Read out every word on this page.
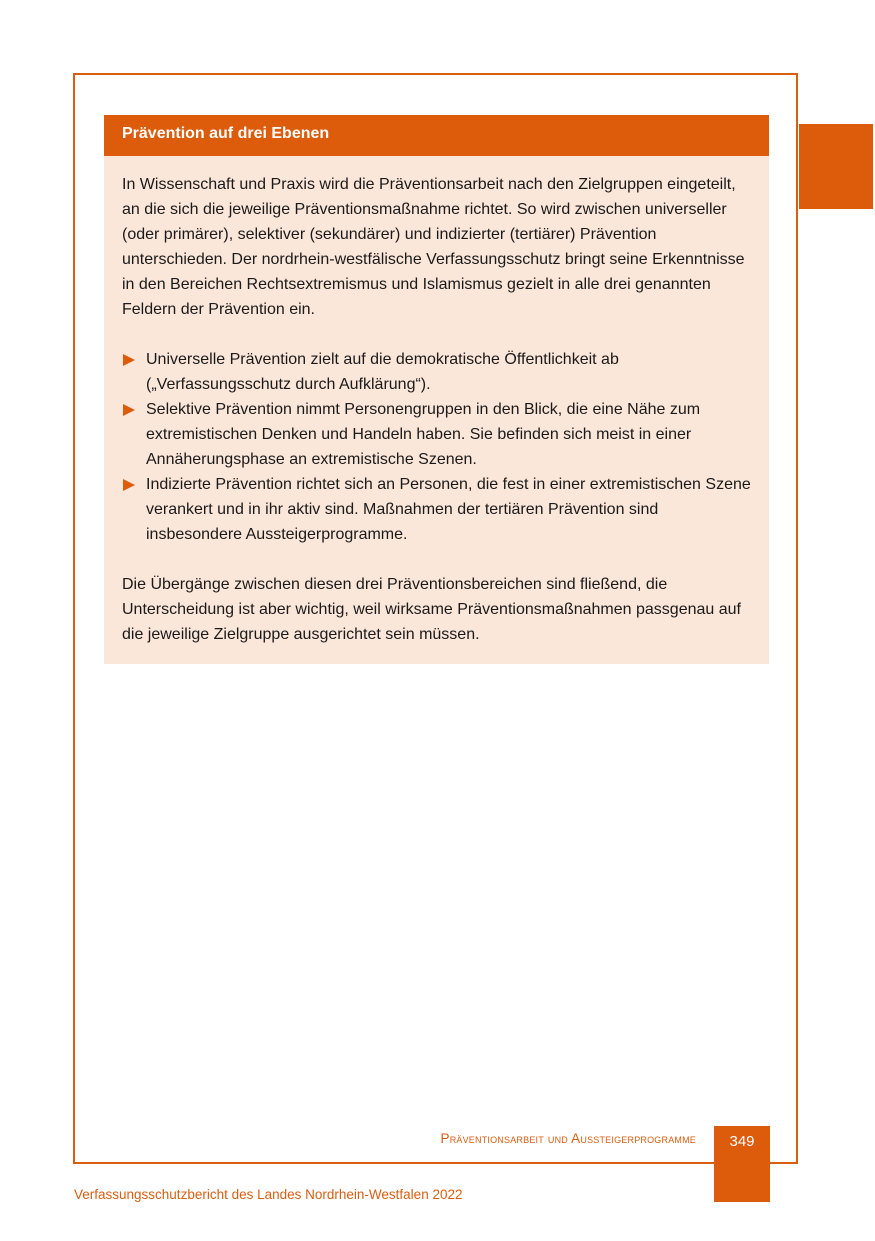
Prävention auf drei Ebenen

In Wissenschaft und Praxis wird die Präventionsarbeit nach den Zielgruppen eingeteilt, an die sich die jeweilige Präventionsmaßnahme richtet. So wird zwischen universeller (oder primärer), selektiver (sekundärer) und indizierter (tertiärer) Prävention unterschieden. Der nordrhein-westfälische Verfassungsschutz bringt seine Erkenntnisse in den Bereichen Rechtsextremismus und Islamismus gezielt in alle drei genannten Feldern der Prävention ein.

Universelle Prävention zielt auf die demokratische Öffentlichkeit ab („Verfassungsschutz durch Aufklärung“).
Selektive Prävention nimmt Personengruppen in den Blick, die eine Nähe zum extremistischen Denken und Handeln haben. Sie befinden sich meist in einer Annäherungsphase an extremistische Szenen.
Indizierte Prävention richtet sich an Personen, die fest in einer extremistischen Szene verankert und in ihr aktiv sind. Maßnahmen der tertiären Prävention sind insbesondere Aussteigerprogramme.

Die Übergänge zwischen diesen drei Präventionsbereichen sind fließend, die Unterscheidung ist aber wichtig, weil wirksame Präventionsmaßnahmen passgenau auf die jeweilige Zielgruppe ausgerichtet sein müssen.

Präventionsarbeit und Aussteigerprogramme	349
Verfassungsschutzbericht des Landes Nordrhein-Westfalen 2022
